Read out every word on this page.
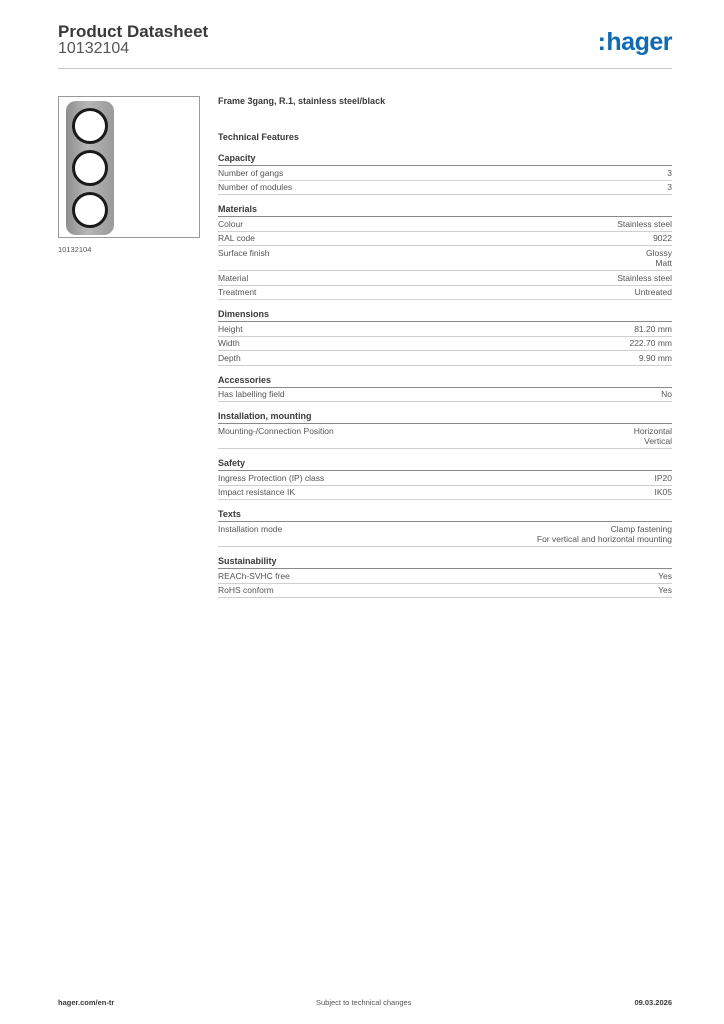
Product Datasheet
10132104	:hager
10132104
Frame 3gang, R.1, stainless steel/black
Technical Features
Capacity
Number of gangs	3
Number of modules	3
Materials
Colour	Stainless steel
RAL code	9022
Surface finish	Glossy
Matt
Material	Stainless steel
Treatment	Untreated
Dimensions
Height	81.20 mm
Width	222.70 mm
Depth	9.90 mm
Accessories
Has labelling field	No
Installation, mounting
Mounting-/Connection Position	Horizontal
Vertical
Safety
Ingress Protection (IP) class	IP20
Impact resistance IK	IK05
Texts
Installation mode	Clamp fastening
For vertical and horizontal mounting
Sustainability
REACh-SVHC free	Yes
RoHS conform	Yes
hager.com/en-tr	Subject to technical changes	09.03.2026
